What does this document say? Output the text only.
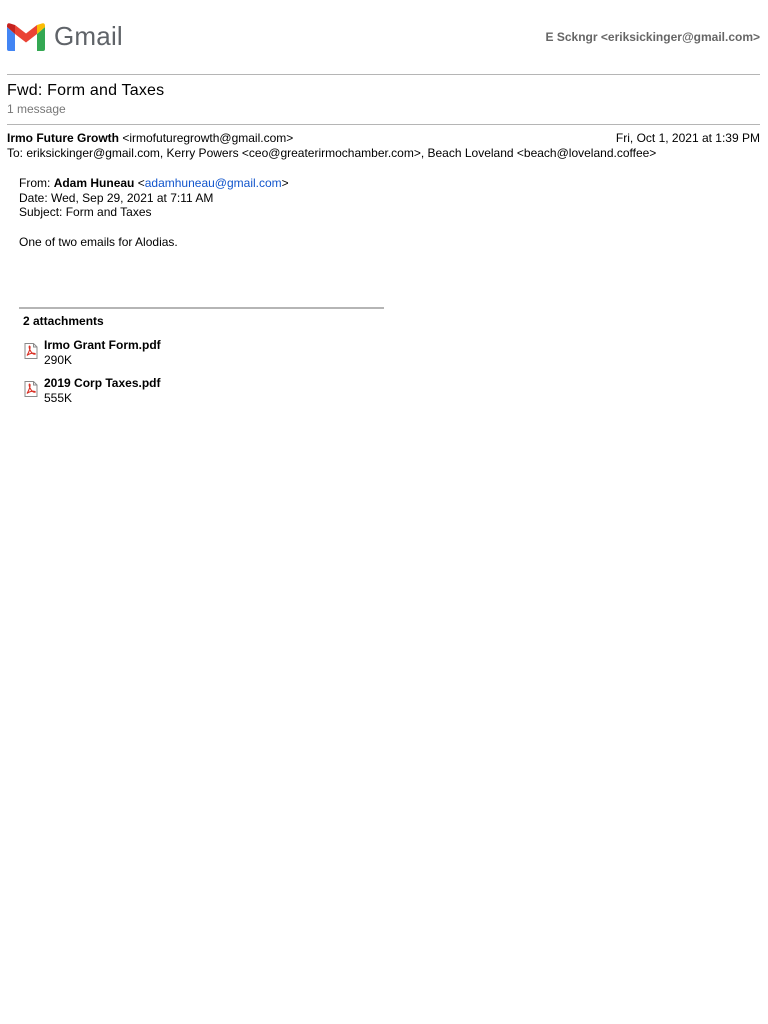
Gmail	E Sckngr <eriksickinger@gmail.com>
Fwd: Form and Taxes
1 message
Irmo Future Growth <irmofuturegrowth@gmail.com>	Fri, Oct 1, 2021 at 1:39 PM
To: eriksickinger@gmail.com, Kerry Powers <ceo@greaterirmochamber.com>, Beach Loveland <beach@loveland.coffee>
From: Adam Huneau <adamhuneau@gmail.com>
Date: Wed, Sep 29, 2021 at 7:11 AM
Subject: Form and Taxes
One of two emails for Alodias.
2 attachments
Irmo Grant Form.pdf
290K
2019 Corp Taxes.pdf
555K
